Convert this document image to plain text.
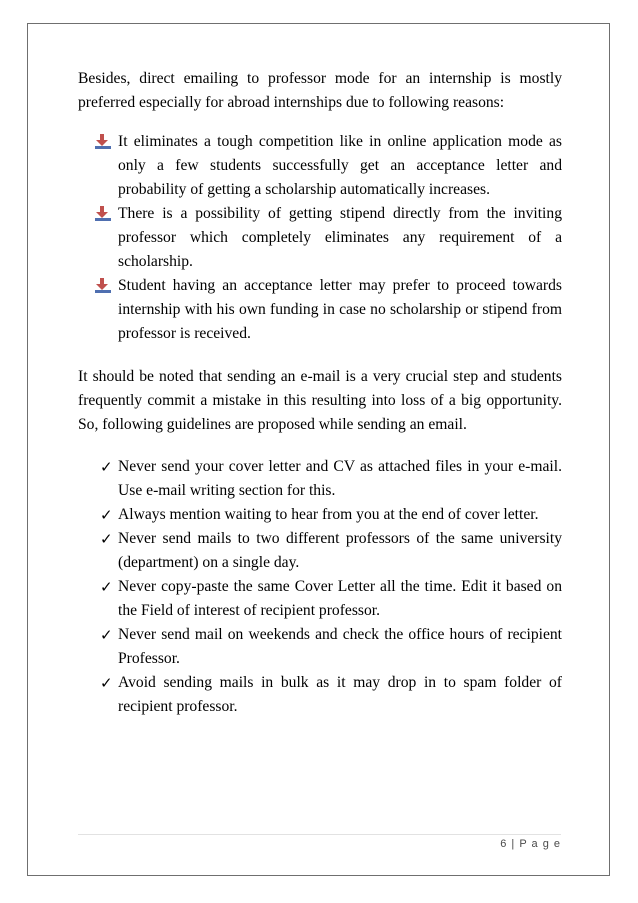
Besides, direct emailing to professor mode for an internship is mostly preferred especially for abroad internships due to following reasons:

It eliminates a tough competition like in online application mode as only a few students successfully get an acceptance letter and probability of getting a scholarship automatically increases.
There is a possibility of getting stipend directly from the inviting professor which completely eliminates any requirement of a scholarship.
Student having an acceptance letter may prefer to proceed towards internship with his own funding in case no scholarship or stipend from professor is received.

It should be noted that sending an e-mail is a very crucial step and students frequently commit a mistake in this resulting into loss of a big opportunity. So, following guidelines are proposed while sending an email.

✓ Never send your cover letter and CV as attached files in your e-mail. Use e-mail writing section for this.
✓ Always mention waiting to hear from you at the end of cover letter.
✓ Never send mails to two different professors of the same university (department) on a single day.
✓ Never copy-paste the same Cover Letter all the time. Edit it based on the Field of interest of recipient professor.
✓ Never send mail on weekends and check the office hours of recipient Professor.
✓ Avoid sending mails in bulk as it may drop in to spam folder of recipient professor.
6 | P a g e
